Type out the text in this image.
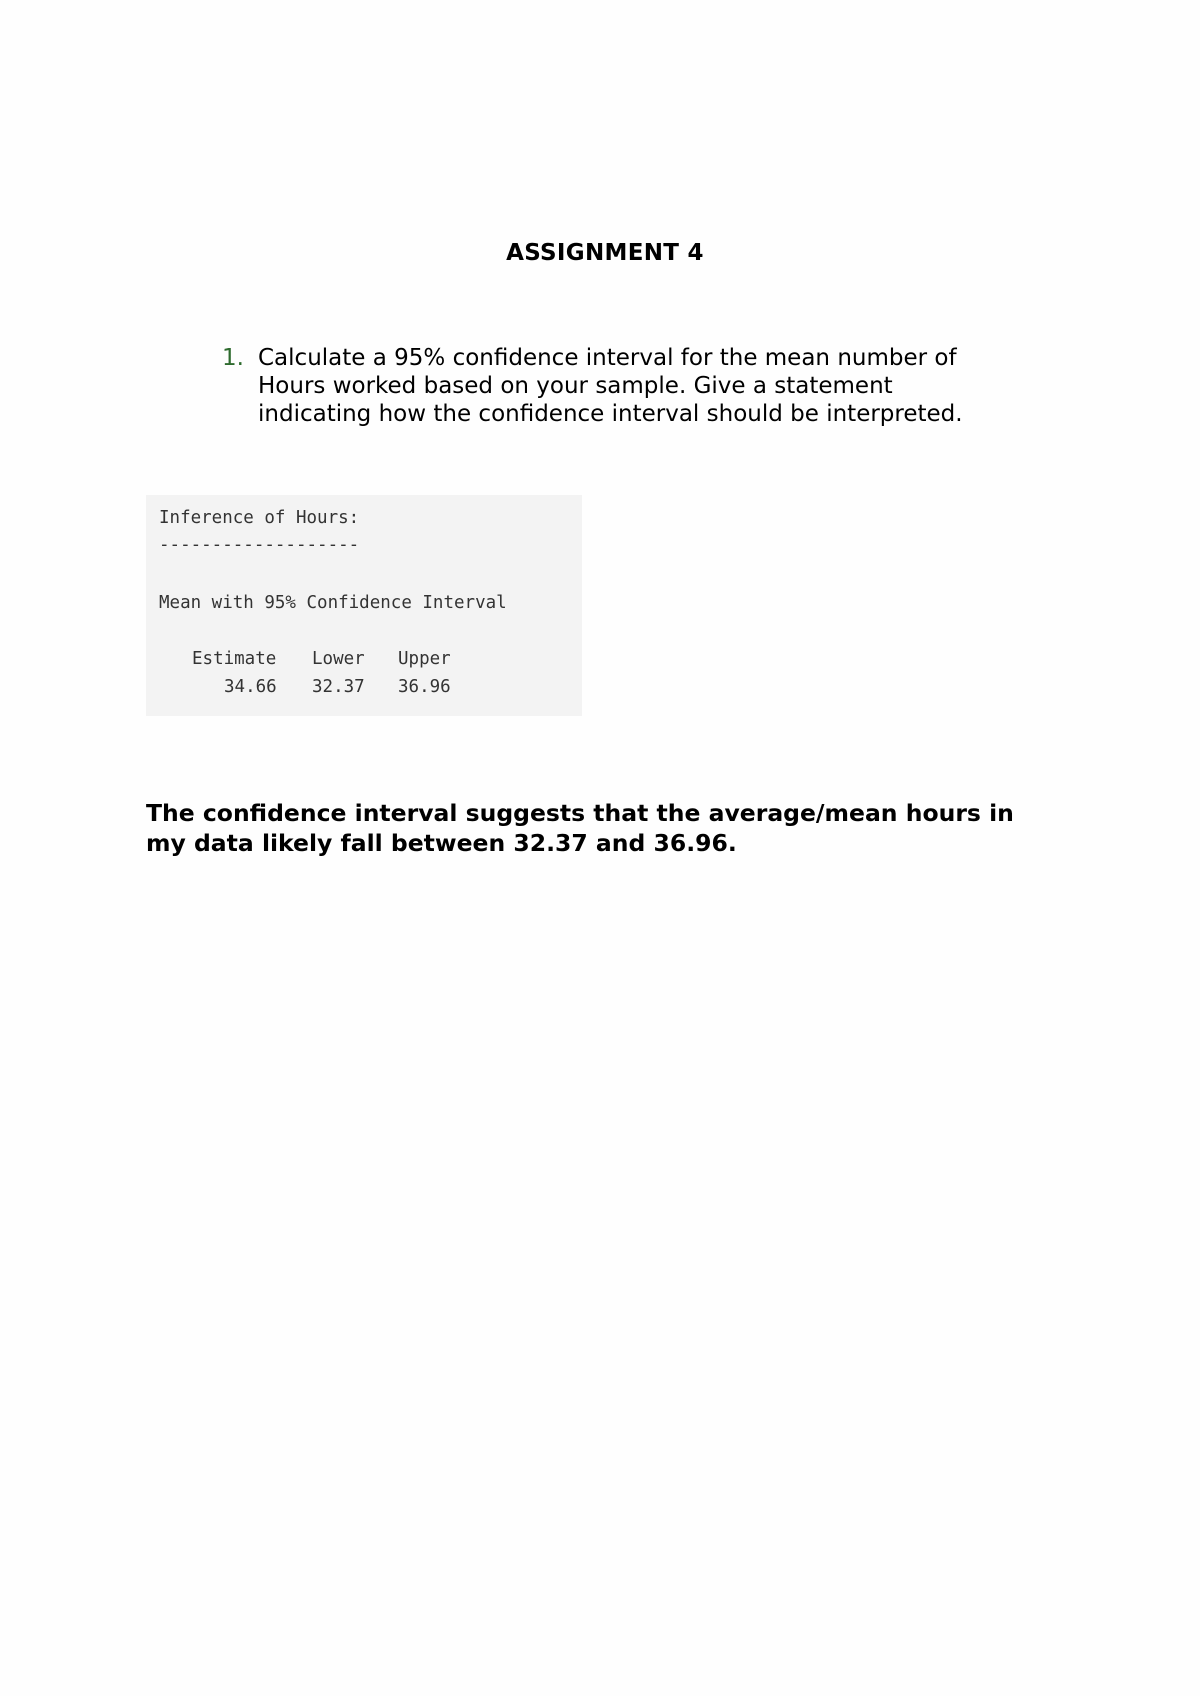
ASSIGNMENT 4
1. Calculate a 95% confidence interval for the mean number of
Hours worked based on your sample. Give a statement
indicating how the confidence interval should be interpreted.
Inference of Hours:
-------------------
Mean with 95% Confidence Interval
Estimate Lower Upper
34.66 32.37 36.96
The confidence interval suggests that the average/mean hours in
my data likely fall between 32.37 and 36.96.
